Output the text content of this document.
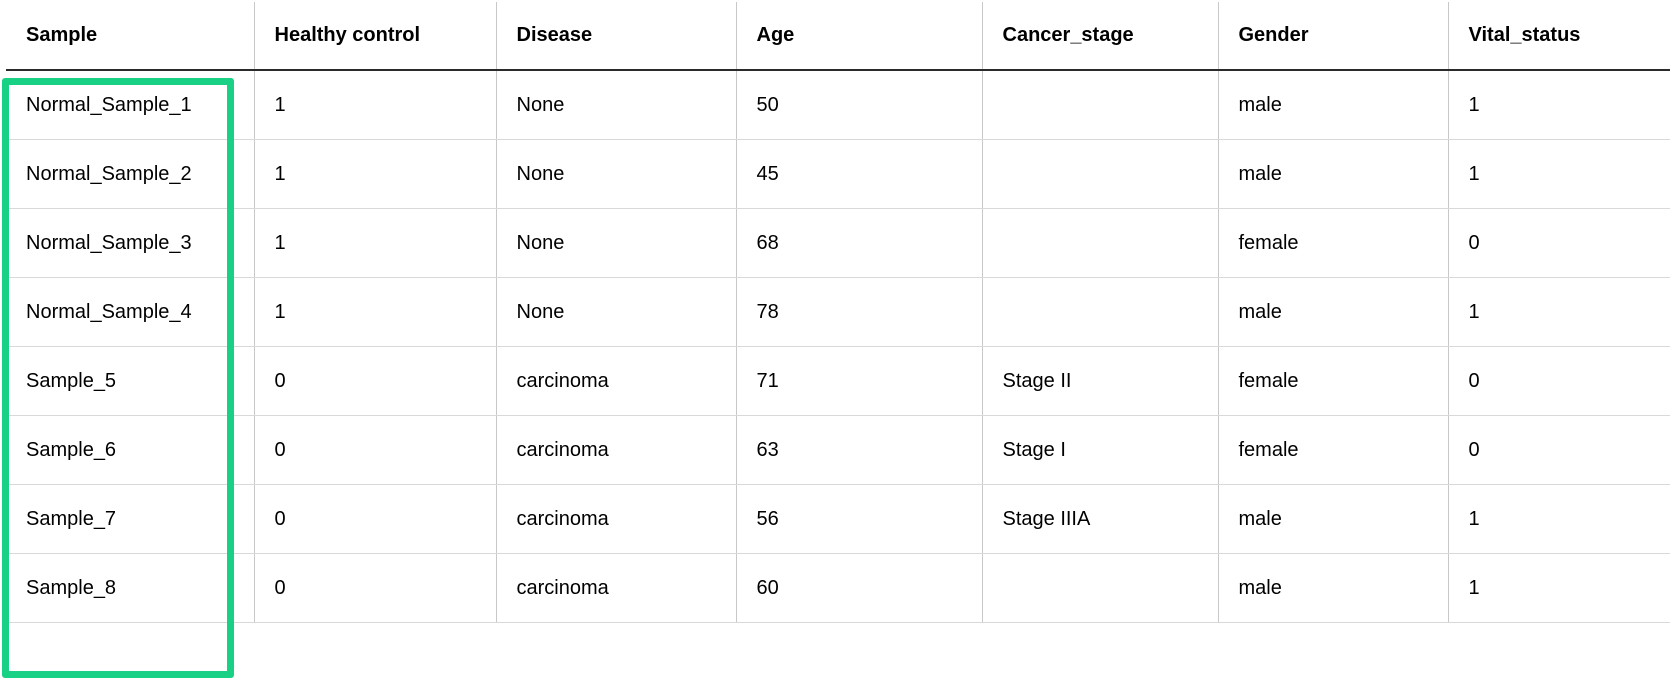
Sample	Healthy control	Disease	Age	Cancer_stage	Gender	Vital_status
Normal_Sample_1	1	None	50		male	1
Normal_Sample_2	1	None	45		male	1
Normal_Sample_3	1	None	68		female	0
Normal_Sample_4	1	None	78		male	1
Sample_5	0	carcinoma	71	Stage II	female	0
Sample_6	0	carcinoma	63	Stage I	female	0
Sample_7	0	carcinoma	56	Stage IIIA	male	1
Sample_8	0	carcinoma	60		male	1
